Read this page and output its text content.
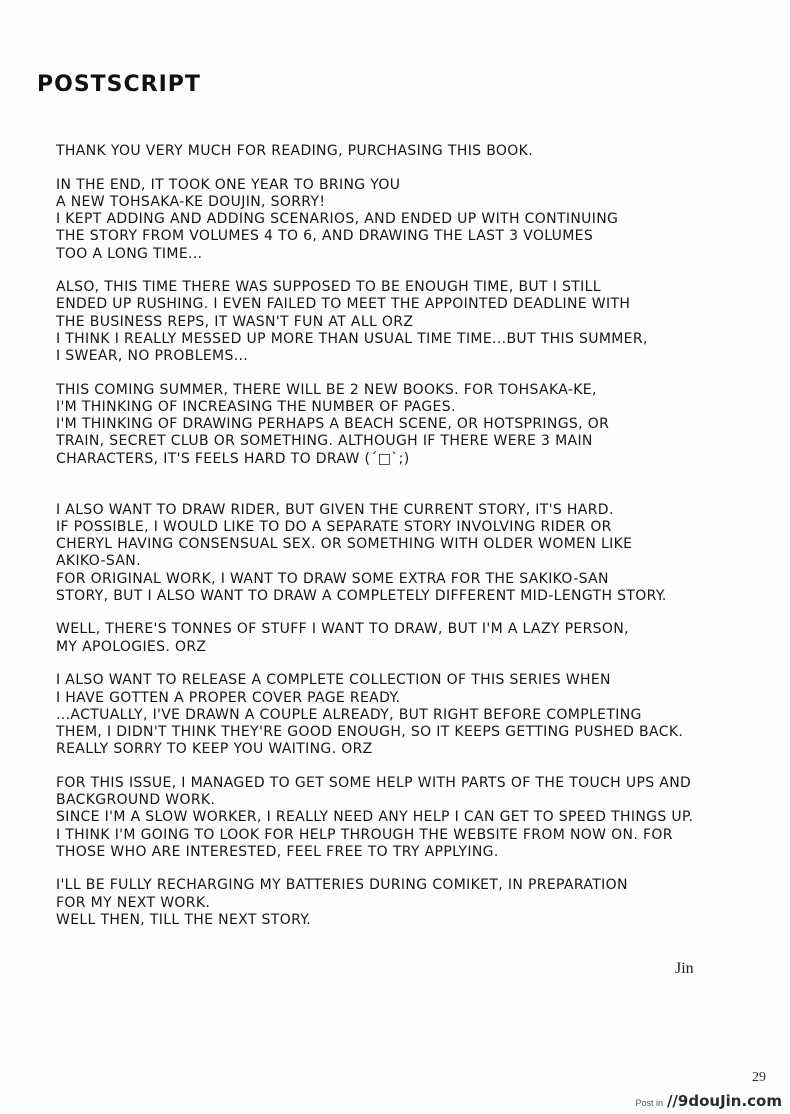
POSTSCRIPT

THANK YOU VERY MUCH FOR READING, PURCHASING THIS BOOK.

IN THE END, IT TOOK ONE YEAR TO BRING YOU
A NEW TOHSAKA-KE DOUJIN, SORRY!
I KEPT ADDING AND ADDING SCENARIOS, AND ENDED UP WITH CONTINUING
THE STORY FROM VOLUMES 4 TO 6, AND DRAWING THE LAST 3 VOLUMES
TOO A LONG TIME...

ALSO, THIS TIME THERE WAS SUPPOSED TO BE ENOUGH TIME, BUT I STILL
ENDED UP RUSHING. I EVEN FAILED TO MEET THE APPOINTED DEADLINE WITH
THE BUSINESS REPS, IT WASN'T FUN AT ALL ORZ
I THINK I REALLY MESSED UP MORE THAN USUAL TIME TIME...BUT THIS SUMMER,
I SWEAR, NO PROBLEMS...

THIS COMING SUMMER, THERE WILL BE 2 NEW BOOKS. FOR TOHSAKA-KE,
I'M THINKING OF INCREASING THE NUMBER OF PAGES.
I'M THINKING OF DRAWING PERHAPS A BEACH SCENE, OR HOTSPRINGS, OR
TRAIN, SECRET CLUB OR SOMETHING. ALTHOUGH IF THERE WERE 3 MAIN
CHARACTERS, IT'S FEELS HARD TO DRAW (´□`;)

I ALSO WANT TO DRAW RIDER, BUT GIVEN THE CURRENT STORY, IT'S HARD.
IF POSSIBLE, I WOULD LIKE TO DO A SEPARATE STORY INVOLVING RIDER OR
CHERYL HAVING CONSENSUAL SEX. OR SOMETHING WITH OLDER WOMEN LIKE
AKIKO-SAN.
FOR ORIGINAL WORK, I WANT TO DRAW SOME EXTRA FOR THE SAKIKO-SAN
STORY, BUT I ALSO WANT TO DRAW A COMPLETELY DIFFERENT MID-LENGTH STORY.

WELL, THERE'S TONNES OF STUFF I WANT TO DRAW, BUT I'M A LAZY PERSON,
MY APOLOGIES. ORZ

I ALSO WANT TO RELEASE A COMPLETE COLLECTION OF THIS SERIES WHEN
I HAVE GOTTEN A PROPER COVER PAGE READY.
...ACTUALLY, I'VE DRAWN A COUPLE ALREADY, BUT RIGHT BEFORE COMPLETING
THEM, I DIDN'T THINK THEY'RE GOOD ENOUGH, SO IT KEEPS GETTING PUSHED BACK.
REALLY SORRY TO KEEP YOU WAITING. ORZ

FOR THIS ISSUE, I MANAGED TO GET SOME HELP WITH PARTS OF THE TOUCH UPS AND
BACKGROUND WORK.
SINCE I'M A SLOW WORKER, I REALLY NEED ANY HELP I CAN GET TO SPEED THINGS UP.
I THINK I'M GOING TO LOOK FOR HELP THROUGH THE WEBSITE FROM NOW ON. FOR
THOSE WHO ARE INTERESTED, FEEL FREE TO TRY APPLYING.

I'LL BE FULLY RECHARGING MY BATTERIES DURING COMIKET, IN PREPARATION
FOR MY NEXT WORK.
WELL THEN, TILL THE NEXT STORY.

Jin
29
Post in //9douJin.com
